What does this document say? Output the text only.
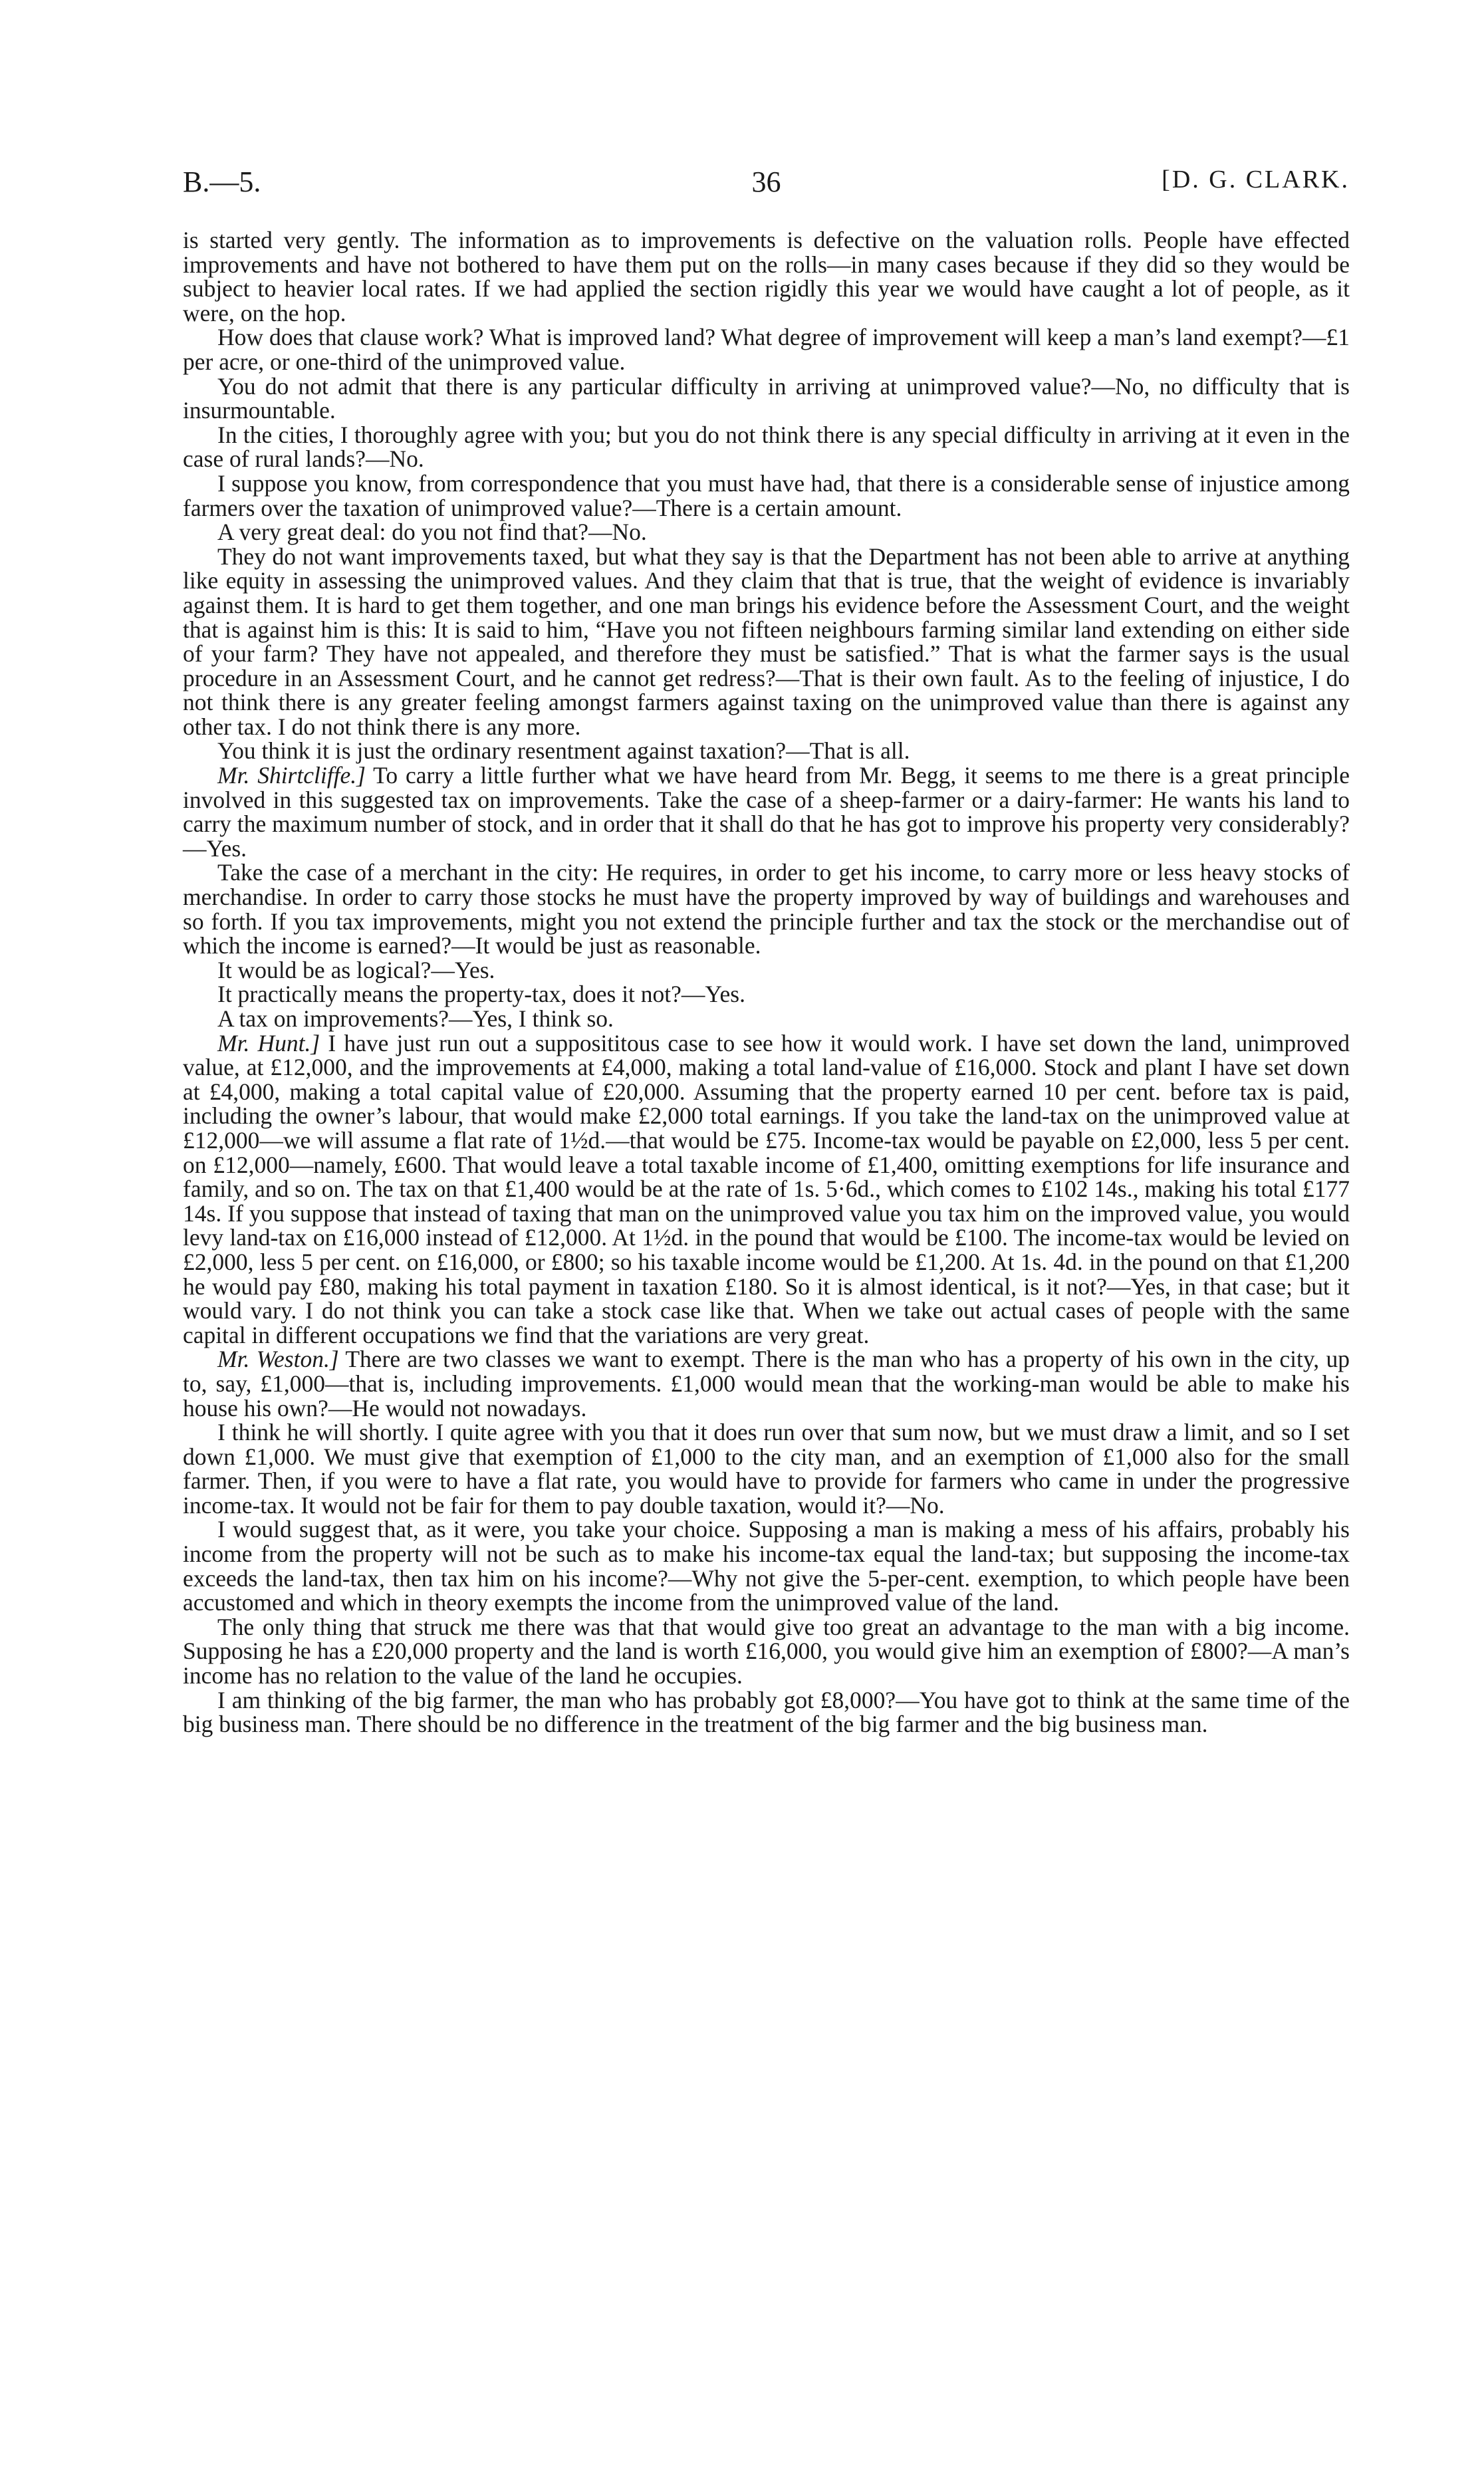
B.—5.	36	[D. G. CLARK.

is started very gently. The information as to improvements is defective on the valuation rolls. People have effected improvements and have not bothered to have them put on the rolls—in many cases because if they did so they would be subject to heavier local rates. If we had applied the section rigidly this year we would have caught a lot of people, as it were, on the hop.

How does that clause work? What is improved land? What degree of improvement will keep a man’s land exempt?—£1 per acre, or one-third of the unimproved value.

You do not admit that there is any particular difficulty in arriving at unimproved value?—No, no difficulty that is insurmountable.

In the cities, I thoroughly agree with you; but you do not think there is any special difficulty in arriving at it even in the case of rural lands?—No.

I suppose you know, from correspondence that you must have had, that there is a considerable sense of injustice among farmers over the taxation of unimproved value?—There is a certain amount.

A very great deal: do you not find that?—No.

They do not want improvements taxed, but what they say is that the Department has not been able to arrive at anything like equity in assessing the unimproved values. And they claim that that is true, that the weight of evidence is invariably against them. It is hard to get them together, and one man brings his evidence before the Assessment Court, and the weight that is against him is this: It is said to him, “Have you not fifteen neighbours farming similar land extending on either side of your farm? They have not appealed, and therefore they must be satisfied.” That is what the farmer says is the usual procedure in an Assessment Court, and he cannot get redress?—That is their own fault. As to the feeling of injustice, I do not think there is any greater feeling amongst farmers against taxing on the unimproved value than there is against any other tax. I do not think there is any more.

You think it is just the ordinary resentment against taxation?—That is all.

Mr. Shirtcliffe.] To carry a little further what we have heard from Mr. Begg, it seems to me there is a great principle involved in this suggested tax on improvements. Take the case of a sheep-farmer or a dairy-farmer: He wants his land to carry the maximum number of stock, and in order that it shall do that he has got to improve his property very considerably?—Yes.

Take the case of a merchant in the city: He requires, in order to get his income, to carry more or less heavy stocks of merchandise. In order to carry those stocks he must have the property improved by way of buildings and warehouses and so forth. If you tax improvements, might you not extend the principle further and tax the stock or the merchandise out of which the income is earned?—It would be just as reasonable.

It would be as logical?—Yes.

It practically means the property-tax, does it not?—Yes.

A tax on improvements?—Yes, I think so.

Mr. Hunt.] I have just run out a supposititous case to see how it would work. I have set down the land, unimproved value, at £12,000, and the improvements at £4,000, making a total land-value of £16,000. Stock and plant I have set down at £4,000, making a total capital value of £20,000. Assuming that the property earned 10 per cent. before tax is paid, including the owner’s labour, that would make £2,000 total earnings. If you take the land-tax on the unimproved value at £12,000—we will assume a flat rate of 1½d.—that would be £75. Income-tax would be payable on £2,000, less 5 per cent. on £12,000—namely, £600. That would leave a total taxable income of £1,400, omitting exemptions for life insurance and family, and so on. The tax on that £1,400 would be at the rate of 1s. 5·6d., which comes to £102 14s., making his total £177 14s. If you suppose that instead of taxing that man on the unimproved value you tax him on the improved value, you would levy land-tax on £16,000 instead of £12,000. At 1½d. in the pound that would be £100. The income-tax would be levied on £2,000, less 5 per cent. on £16,000, or £800; so his taxable income would be £1,200. At 1s. 4d. in the pound on that £1,200 he would pay £80, making his total payment in taxation £180. So it is almost identical, is it not?—Yes, in that case; but it would vary. I do not think you can take a stock case like that. When we take out actual cases of people with the same capital in different occupations we find that the variations are very great.

Mr. Weston.] There are two classes we want to exempt. There is the man who has a property of his own in the city, up to, say, £1,000—that is, including improvements. £1,000 would mean that the working-man would be able to make his house his own?—He would not nowadays.

I think he will shortly. I quite agree with you that it does run over that sum now, but we must draw a limit, and so I set down £1,000. We must give that exemption of £1,000 to the city man, and an exemption of £1,000 also for the small farmer. Then, if you were to have a flat rate, you would have to provide for farmers who came in under the progressive income-tax. It would not be fair for them to pay double taxation, would it?—No.

I would suggest that, as it were, you take your choice. Supposing a man is making a mess of his affairs, probably his income from the property will not be such as to make his income-tax equal the land-tax; but supposing the income-tax exceeds the land-tax, then tax him on his income?—Why not give the 5-per-cent. exemption, to which people have been accustomed and which in theory exempts the income from the unimproved value of the land.

The only thing that struck me there was that that would give too great an advantage to the man with a big income. Supposing he has a £20,000 property and the land is worth £16,000, you would give him an exemption of £800?—A man’s income has no relation to the value of the land he occupies.

I am thinking of the big farmer, the man who has probably got £8,000?—You have got to think at the same time of the big business man. There should be no difference in the treatment of the big farmer and the big business man.
